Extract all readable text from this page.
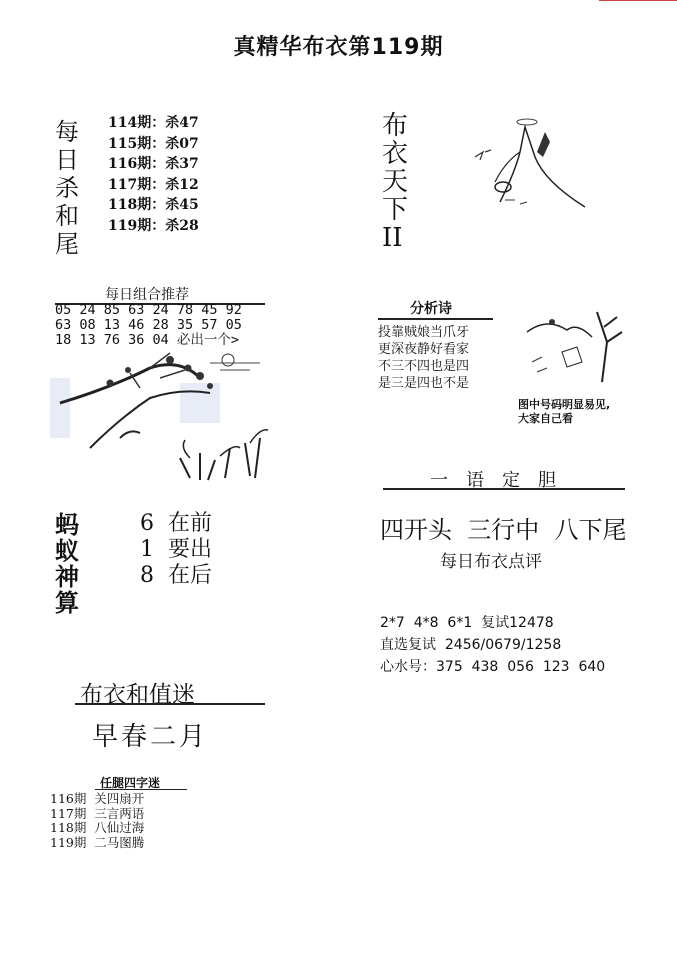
真精华布衣第119期
每
日
杀
和
尾
114期：杀47
115期：杀07
116期：杀37
117期：杀12
118期：杀45
119期：杀28
每日组合推荐
05 24 85 63 24 78 45 92
63 08 13 46 28 35 57 05
18 13 76 36 04 必出一个>
蚂
蚁
神
算
6  在前
1  要出
8  在后
布
衣
天
下
II
分析诗
投靠贼娘当爪牙
更深夜静好看家
不三不四也是四
是三是四也不是
图中号码明显易见,
大家自己看
一语定胆
四开头  三行中  八下尾
每日布衣点评
2*7  4*8  6*1  复试12478
直选复试  2456/0679/1258
心水号：375  438  056  123  640
布衣和值迷
早春二月
任腿四字迷
116期  关四扇开
117期  三言两语
118期  八仙过海
119期  二马图腾
